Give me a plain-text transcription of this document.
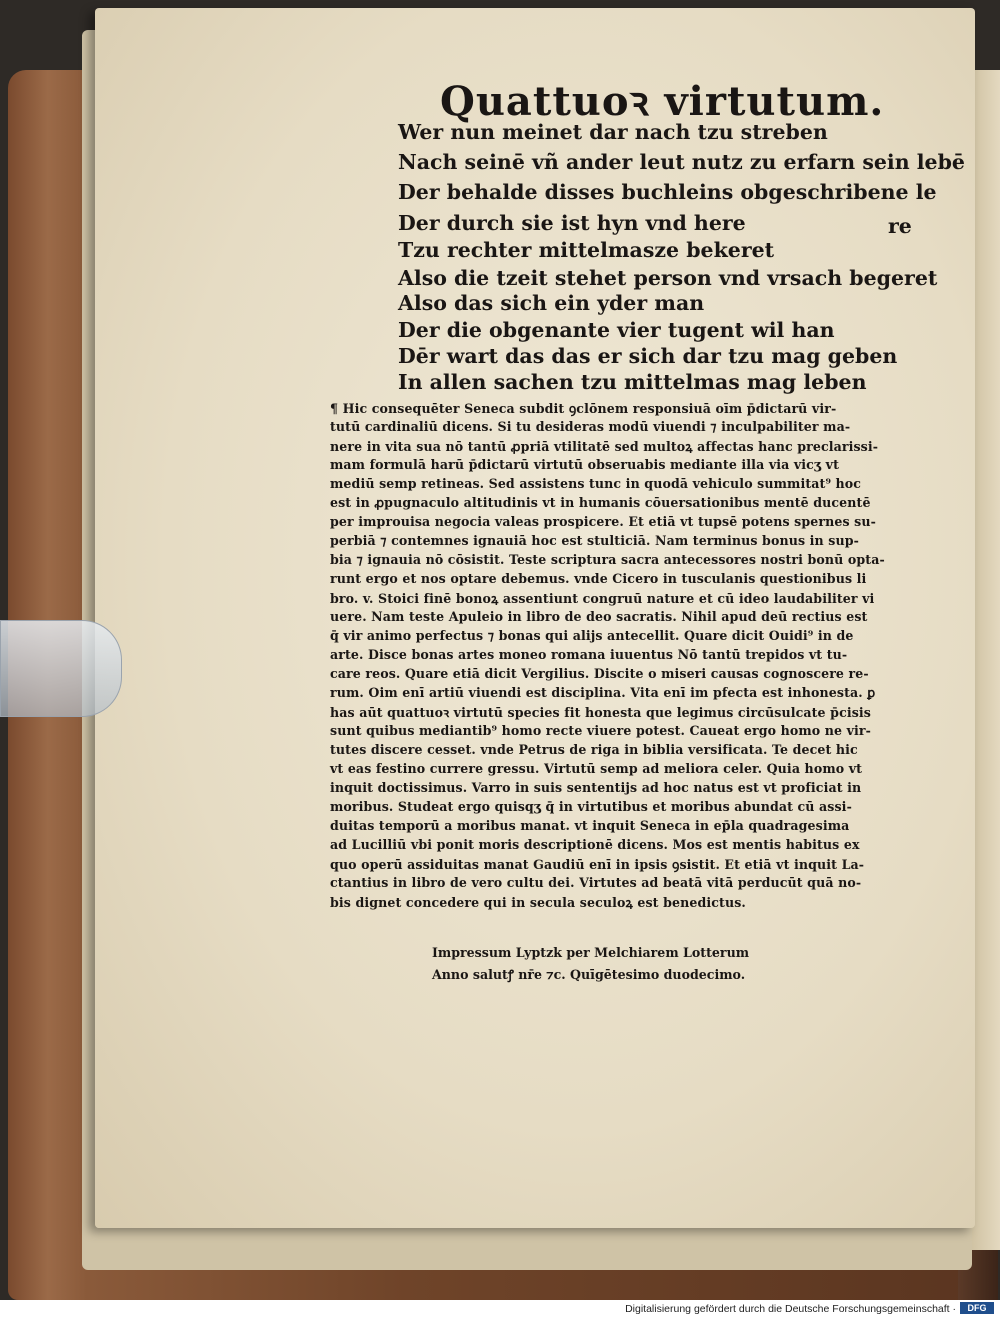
Quattuoꝛ virtutum.
Wer nun meinet dar nach tzu streben
Nach seinē vñ ander leut nutz zu erfarn sein lebē
Der behalde disses buchleins obgeschribene le
Der durch sie ist hyn vnd here	re
Tzu rechter mittelmasze bekeret
Also die tzeit stehet person vnd vrsach begeret
Also das sich ein yder man
Der die obgenante vier tugent wil han
Dēr wart das das er sich dar tzu mag geben
In allen sachen tzu mittelmas mag leben
¶ Hic consequēter Seneca subdit ꝯclōnem responsiuā oīm p̄dictarū vir-
tutū cardinaliū dicens. Si tu desideras modū viuendi ⁊ inculpabiliter ma-
nere in vita sua nō tantū ꝓpriā vtilitatē sed multoꝝ affectas hanc preclarissi-
mam formulā harū p̄dictarū virtutū obseruabis mediante illa via vicʒ vt
mediū semp retineas. Sed assistens tunc in quodā vehiculo summitat⁹ hoc
est in ꝓpugnaculo altitudinis vt in humanis cōuersationibus mentē ducentē
per improuisa negocia valeas prospicere. Et etiā vt tupsē potens spernes su-
perbiā ⁊ contemnes ignauiā hoc est stulticiā. Nam terminus bonus in sup-
bia ⁊ ignauia nō cōsistit. Teste scriptura sacra antecessores nostri bonū opta-
runt ergo et nos optare debemus. vnde Cicero in tusculanis questionibus li
bro. v. Stoici finē bonoꝝ assentiunt congruū nature et cū ideo laudabiliter vi
uere. Nam teste Apuleio in libro de deo sacratis. Nihil apud deū rectius est
q̄ vir animo perfectus ⁊ bonas qui alijs antecellit. Quare dicit Ouidi⁹ in de
arte. Disce bonas artes moneo romana iuuentus Nō tantū trepidos vt tu-
care reos. Quare etiā dicit Vergilius. Discite o miseri causas cognoscere re-
rum. Oim enī artiū viuendi est disciplina. Vita enī im pfecta est inhonesta. ꝑ
has aūt quattuoꝛ virtutū species fit honesta que legimus circūsulcate p̄cisis
sunt quibus mediantib⁹ homo recte viuere potest. Caueat ergo homo ne vir-
tutes discere cesset. vnde Petrus de riga in biblia versificata. Te decet hic
vt eas festino currere gressu. Virtutū semp ad meliora celer. Quia homo vt
inquit doctissimus. Varro in suis sententijs ad hoc natus est vt proficiat in
moribus. Studeat ergo quisqʒ q̄ in virtutibus et moribus abundat cū assi-
duitas temporū a moribus manat. vt inquit Seneca in ep̄la quadragesima
ad Lucilliū vbi ponit moris descriptionē dicens. Mos est mentis habitus ex
quo operū assiduitas manat Gaudiū enī in ipsis ꝯsistit. Et etiā vt inquit La-
ctantius in libro de vero cultu dei. Virtutes ad beatā vitā perducūt quā no-
bis dignet concedere qui in secula seculoꝝ est benedictus.
Impressum Lyptzk per Melchiarem Lotterum
Anno salutꝭ nr̄e ⁊c. Quīgētesimo duodecimo.
Digitalisierung gefördert durch die Deutsche Forschungsgemeinschaft ·	DFG
